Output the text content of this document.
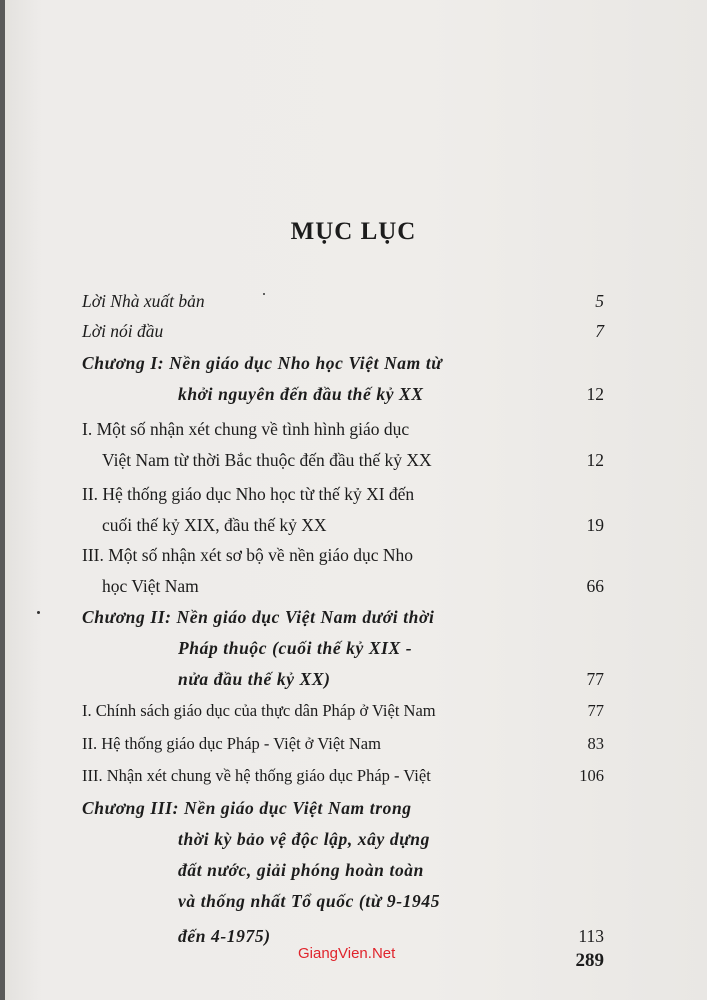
MỤC LỤC
Lời Nhà xuất bản	5
Lời nói đầu	7
Chương I: Nền giáo dục Nho học Việt Nam từ
khởi nguyên đến đầu thế kỷ XX	12
I. Một số nhận xét chung về tình hình giáo dục
Việt Nam từ thời Bắc thuộc đến đầu thế kỷ XX	12
II. Hệ thống giáo dục Nho học từ thế kỷ XI đến
cuối thế kỷ XIX, đầu thế kỷ XX	19
III. Một số nhận xét sơ bộ về nền giáo dục Nho
học Việt Nam	66
Chương II: Nền giáo dục Việt Nam dưới thời
Pháp thuộc (cuối thế kỷ XIX -
nửa đầu thế kỷ XX)	77
I. Chính sách giáo dục của thực dân Pháp ở Việt Nam	77
II. Hệ thống giáo dục Pháp - Việt ở Việt Nam	83
III. Nhận xét chung về hệ thống giáo dục Pháp - Việt	106
Chương III: Nền giáo dục Việt Nam trong
thời kỳ bảo vệ độc lập, xây dựng
đất nước, giải phóng hoàn toàn
và thống nhất Tổ quốc (từ 9-1945
đến 4-1975)	113
GiangVien.Net	289
